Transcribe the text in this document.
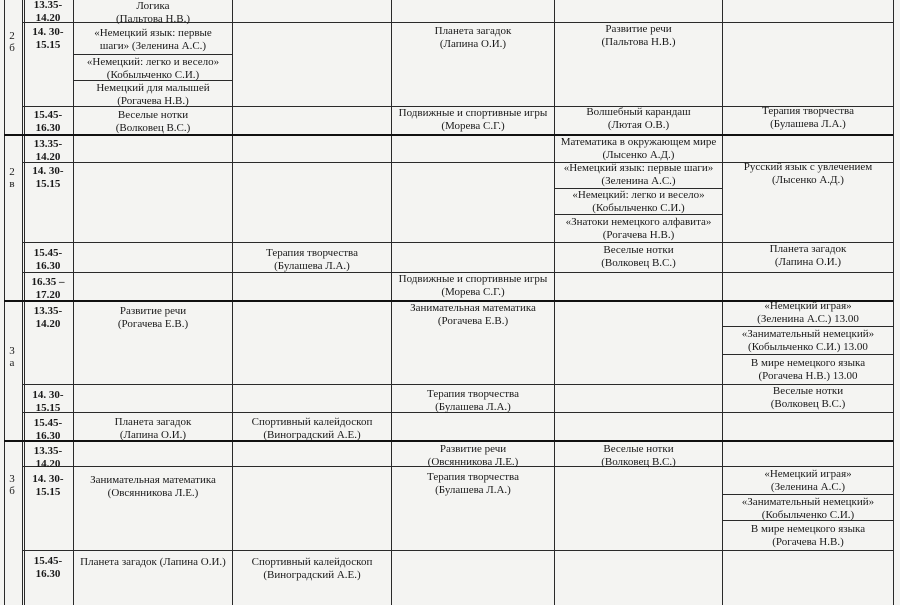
2
б
2
в
3
а
3
б
13.35-
14.20
14. 30-
15.15
15.45-
16.30
13.35-
14.20
14. 30-
15.15
15.45-
16.30
16.35 –
17.20
13.35-
14.20
14. 30-
15.15
15.45-
16.30
13.35-
14.20
14. 30-
15.15
15.45-
16.30
Логика
(Пальтова Н.В.)
«Немецкий язык: первые
шаги» (Зеленина А.С.)
«Немецкий: легко и весело»
(Кобыльченко С.И.)
Немецкий для малышей
(Рогачева Н.В.)
Веселые нотки
(Волковец В.С.)
Планета загадок
(Лапина О.И.)
Подвижные и спортивные игры
(Морева С.Г.)
Развитие речи
(Пальтова Н.В.)
Волшебный карандаш
(Лютая О.В.)
Терапия творчества
(Булашева Л.А.)
Терапия творчества
(Булашева Л.А.)
Подвижные и спортивные игры
(Морева С.Г.)
Математика в окружающем мире
(Лысенко А.Д.)
«Немецкий язык: первые шаги»
(Зеленина А.С.)
«Немецкий: легко и весело»
(Кобыльченко С.И.)
«Знатоки немецкого алфавита»
(Рогачева Н.В.)
Веселые нотки
(Волковец В.С.)
Русский язык с увлечением
(Лысенко А.Д.)
Планета загадок
(Лапина О.И.)
Развитие речи
(Рогачева Е.В.)
Планета загадок
(Лапина О.И.)
Спортивный калейдоскоп
(Виноградский А.Е.)
Занимательная математика
(Рогачева Е.В.)
Терапия творчества
(Булашева Л.А.)
«Немецкий играя»
(Зеленина А.С.) 13.00
«Занимательный немецкий»
(Кобыльченко С.И.) 13.00
В мире немецкого языка
(Рогачева Н.В.) 13.00
Веселые нотки
(Волковец В.С.)
Занимательная математика
(Овсянникова Л.Е.)
Планета загадок (Лапина О.И.)	Спортивный калейдоскоп
(Виноградский А.Е.)
Развитие речи
(Овсянникова Л.Е.)
Терапия творчества
(Булашева Л.А.)
Веселые нотки
(Волковец В.С.)
«Немецкий играя»
(Зеленина А.С.)
«Занимательный немецкий»
(Кобыльченко С.И.)
В мире немецкого языка
(Рогачева Н.В.)
